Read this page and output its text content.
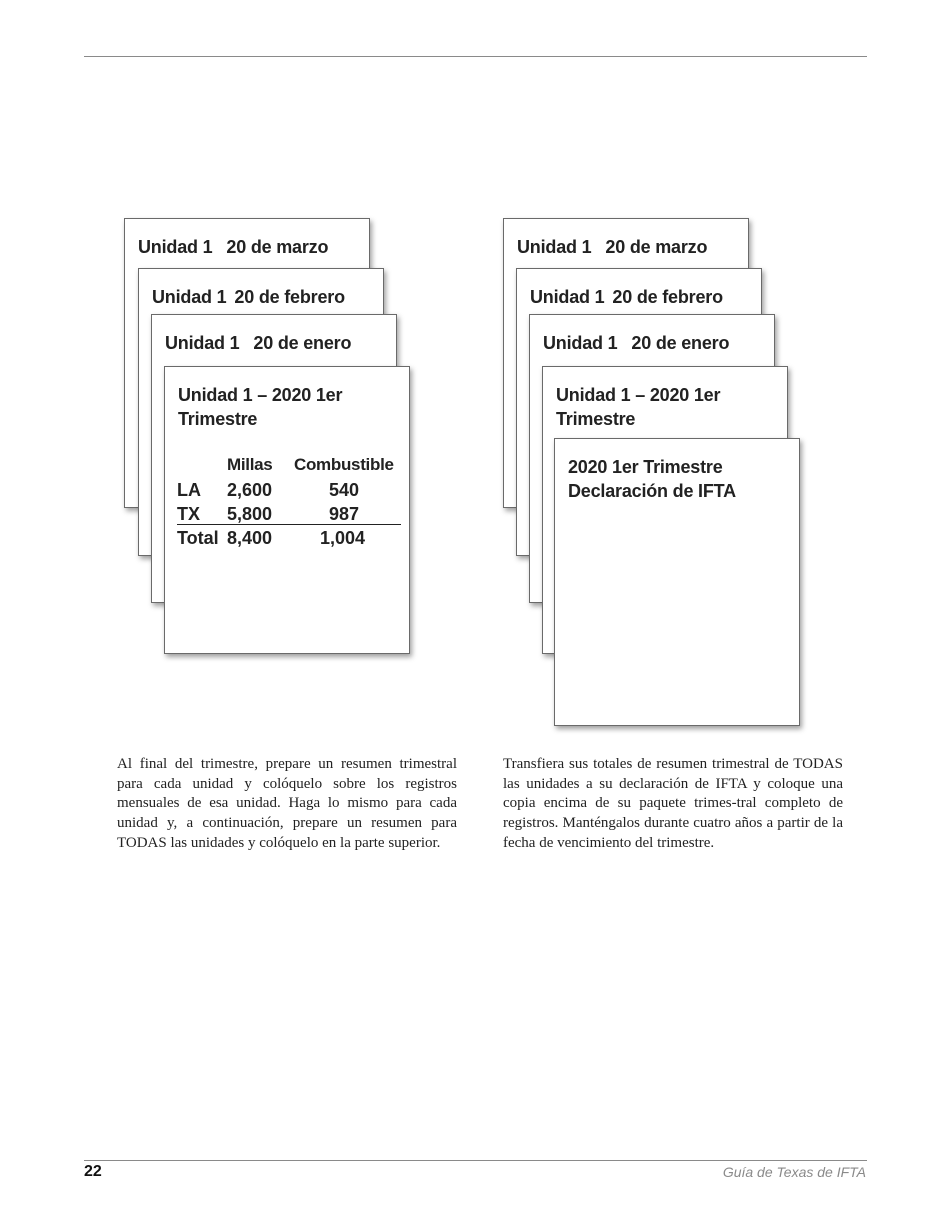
Unidad 1 20 de marzo

Unidad 1 20 de febrero

Unidad 1 20 de enero

Unidad 1 – 2020 1er Trimestre

Millas Combustible
LA 2,600	540
TX 5,800	987
Total 8,400	1,004

Unidad 1 20 de marzo

Unidad 1 20 de febrero

Unidad 1 20 de enero

Unidad 1 – 2020 1er Trimestre

2020 1er Trimestre Declaración de IFTA

Al final del trimestre, prepare un resumen trimestral para cada unidad y colóquelo sobre los registros mensuales de esa unidad. Haga lo mismo para cada unidad y, a continuación, prepare un resumen para TODAS las unidades y colóquelo en la parte superior.

Transfiera sus totales de resumen trimestral de TODAS las unidades a su declaración de IFTA y coloque una copia encima de su paquete trimes-tral completo de registros. Manténgalos durante cuatro años a partir de la fecha de vencimiento del trimestre.

22	Guía de Texas de IFTA
